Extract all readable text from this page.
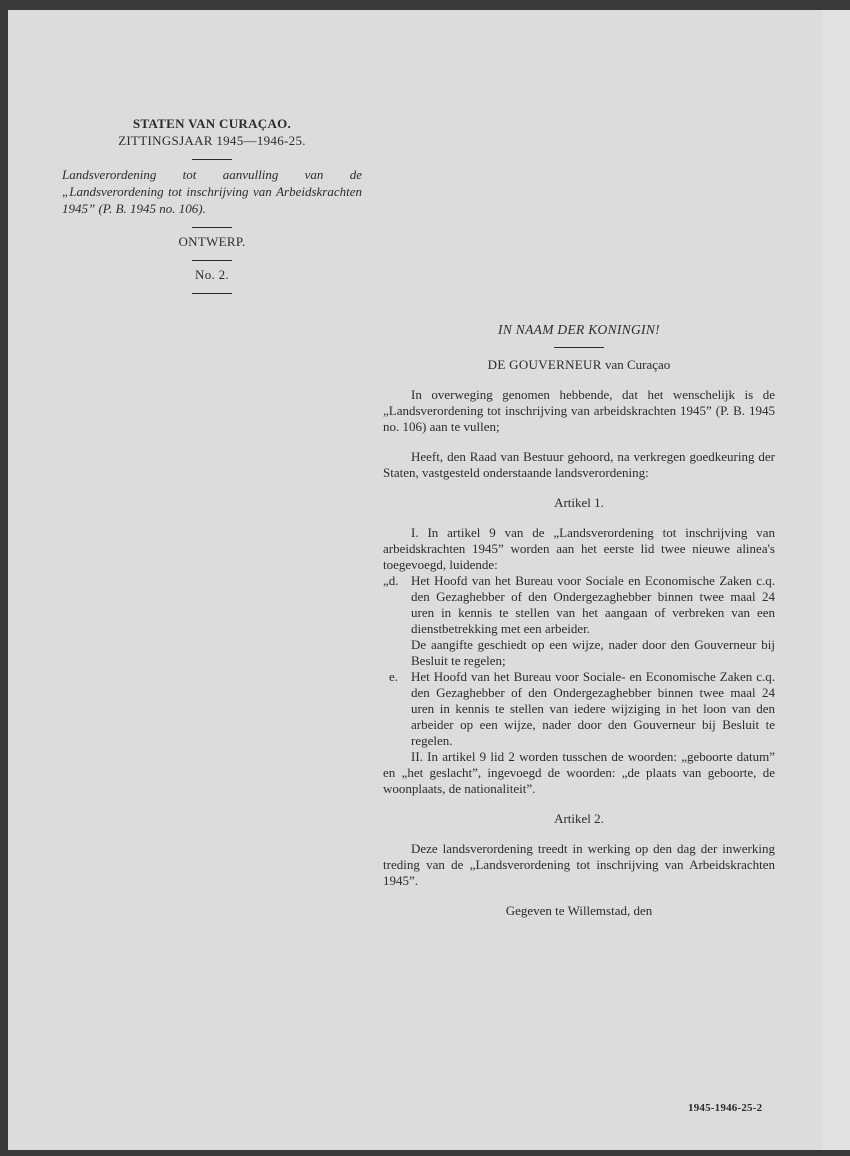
STATEN VAN CURAÇAO.
ZITTINGSJAAR 1945—1946-25.
Landsverordening tot aanvulling van de „Landsverordening tot inschrijving van Arbeidskrachten 1945” (P. B. 1945 no. 106).
ONTWERP.
No. 2.
IN NAAM DER KONINGIN!
DE GOUVERNEUR van Curaçao
In overweging genomen hebbende, dat het wenschelijk is de „Landsverordening tot inschrijving van arbeidskrachten 1945” (P. B. 1945 no. 106) aan te vullen;
Heeft, den Raad van Bestuur gehoord, na verkregen goedkeuring der Staten, vastgesteld onderstaande landsverordening:
Artikel 1.
I. In artikel 9 van de „Landsverordening tot inschrijving van arbeidskrachten 1945” worden aan het eerste lid twee nieuwe alinea's toegevoegd, luidende:
„d. Het Hoofd van het Bureau voor Sociale en Economische Zaken c.q. den Gezaghebber of den Ondergezaghebber binnen twee maal 24 uren in kennis te stellen van het aangaan of verbreken van een dienstbetrekking met een arbeider.
De aangifte geschiedt op een wijze, nader door den Gouverneur bij Besluit te regelen;
e. Het Hoofd van het Bureau voor Sociale- en Economische Zaken c.q. den Gezaghebber of den Ondergezaghebber binnen twee maal 24 uren in kennis te stellen van iedere wijziging in het loon van den arbeider op een wijze, nader door den Gouverneur bij Besluit te regelen.
II. In artikel 9 lid 2 worden tusschen de woorden: „geboorte datum” en „het geslacht”, ingevoegd de woorden: „de plaats van geboorte, de woonplaats, de nationaliteit”.
Artikel 2.
Deze landsverordening treedt in werking op den dag der inwerking treding van de „Landsverordening tot inschrijving van Arbeidskrachten 1945”.
Gegeven te Willemstad, den
1945-1946-25-2
